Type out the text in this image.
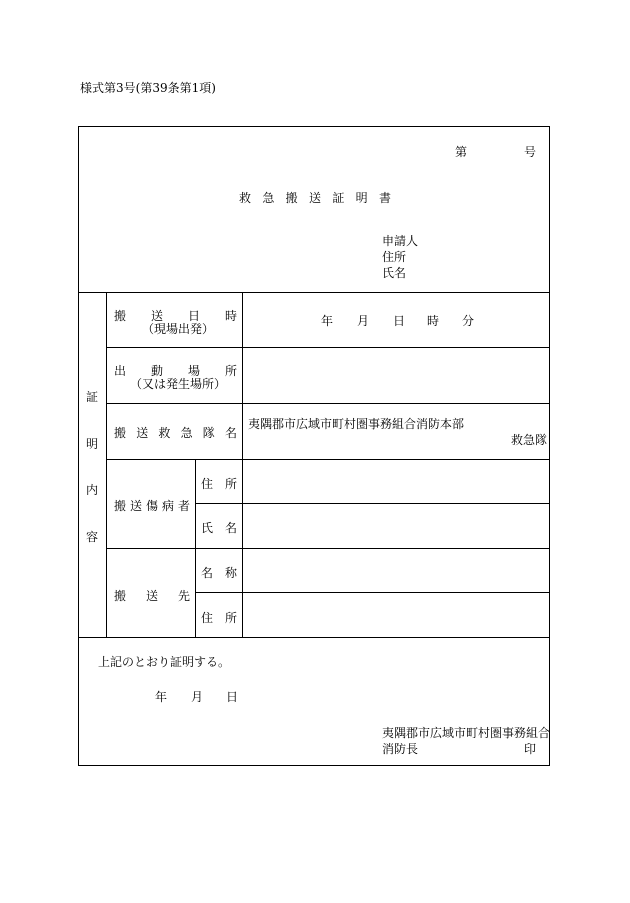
様式第3号(第39条第1項)
第	号
救 急 搬 送 証 明 書
申請人
住所
氏名
証
明
内
容
搬 送 日 時
（現場出発）
年 月 日 時 分
出 動 場 所
（又は発生場所）
搬 送 救 急 隊 名
夷隅郡市広域市町村圏事務組合消防本部
救急隊
搬 送 傷 病 者
住 所
氏 名
搬 送 先
名 称
住 所
上記のとおり証明する。
年 月 日
夷隅郡市広域市町村圏事務組合
消防長	印
